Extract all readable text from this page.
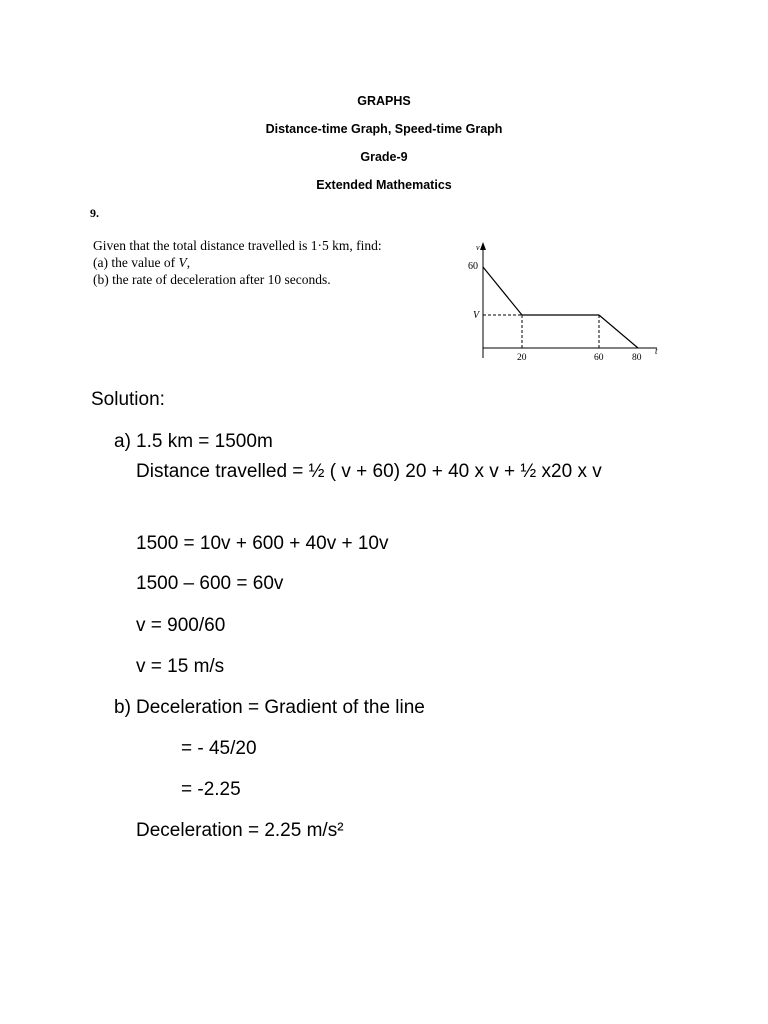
GRAPHS
Distance-time Graph, Speed-time Graph
Grade-9
Extended Mathematics
9.
Given that the total distance travelled is 1·5 km, find:
(a) the value of V,
(b) the rate of deceleration after 10 seconds.
v
t
60
V
20	60	80
Solution:
a) 1.5 km = 1500m
Distance travelled = ½ ( v + 60) 20 + 40 x v + ½ x20 x v
1500 = 10v + 600 + 40v + 10v
1500 – 600 = 60v
v = 900/60
v = 15 m/s
b) Deceleration = Gradient of the line
= - 45/20
= -2.25
Deceleration = 2.25 m/s²
